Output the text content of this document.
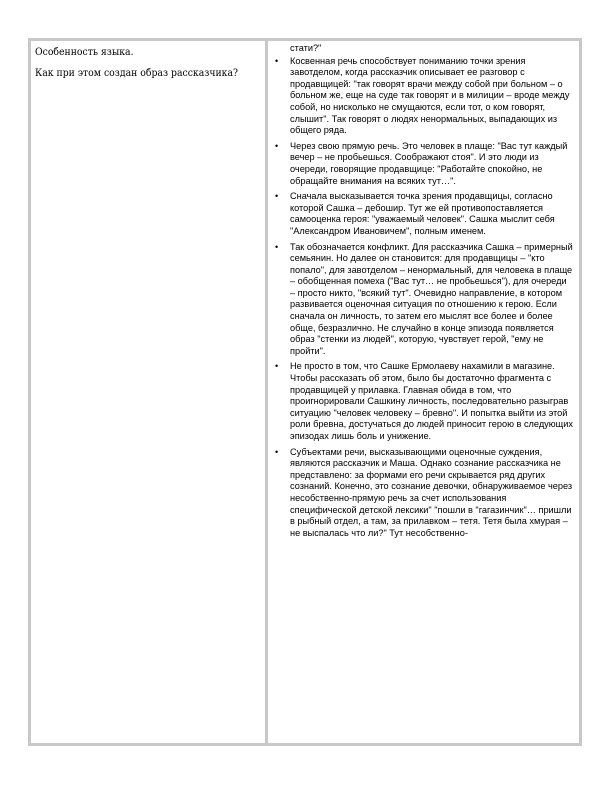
Особенность языка.

Как при этом создан образ рассказчика?

стати?"
• Косвенная речь способствует пониманию точки зрения завотделом, когда рассказчик описывает ее разговор с продавщицей: "так говорят врачи между собой при больном – о больном же, еще на суде так говорят и в милиции – вроде между собой, но нисколько не смущаются, если тот, о ком говорят, слышит". Так говорят о людях ненормальных, выпадающих из общего ряда.
• Через свою прямую речь. Это человек в плаще: "Вас тут каждый вечер – не пробьешься. Соображают стоя". И это люди из очереди, говорящие продавщице: "Работайте спокойно, не обращайте внимания на всяких тут…".
• Сначала высказывается точка зрения продавщицы, согласно которой Сашка – дебошир. Тут же ей противопоставляется самооценка героя: "уважаемый человек". Сашка мыслит себя "Александром Ивановичем", полным именем.
• Так обозначается конфликт. Для рассказчика Сашка – примерный семьянин. Но далее он становится: для продавщицы – "кто попало", для завотделом – ненормальный, для человека в плаще – обобщенная помеха ("Вас тут… не пробьешься"), для очереди – просто никто, "всякий тут". Очевидно направление, в котором развивается оценочная ситуация по отношению к герою. Если сначала он личность, то затем его мыслят все более и более обще, безразлично. Не случайно в конце эпизода появляется образ "стенки из людей", которую, чувствует герой, "ему не пройти".
• Не просто в том, что Сашке Ермолаеву нахамили в магазине. Чтобы рассказать об этом, было бы достаточно фрагмента с продавщицей у прилавка. Главная обида в том, что проигнорировали Сашкину личность, последовательно разыграв ситуацию "человек человеку – бревно". И попытка выйти из этой роли бревна, достучаться до людей приносит герою в следующих эпизодах лишь боль и унижение.
• Субъектами речи, высказывающими оценочные суждения, являются рассказчик и Маша. Однако сознание рассказчика не представлено: за формами его речи скрывается ряд других сознаний. Конечно, это сознание девочки, обнаруживаемое через несобственно-прямую речь за счет использования специфической детской лексики" "пошли в "гагазинчик"… пришли в рыбный отдел, а там, за прилавком – тетя. Тетя была хмурая – не выспалась что ли?" Тут несобственно-
